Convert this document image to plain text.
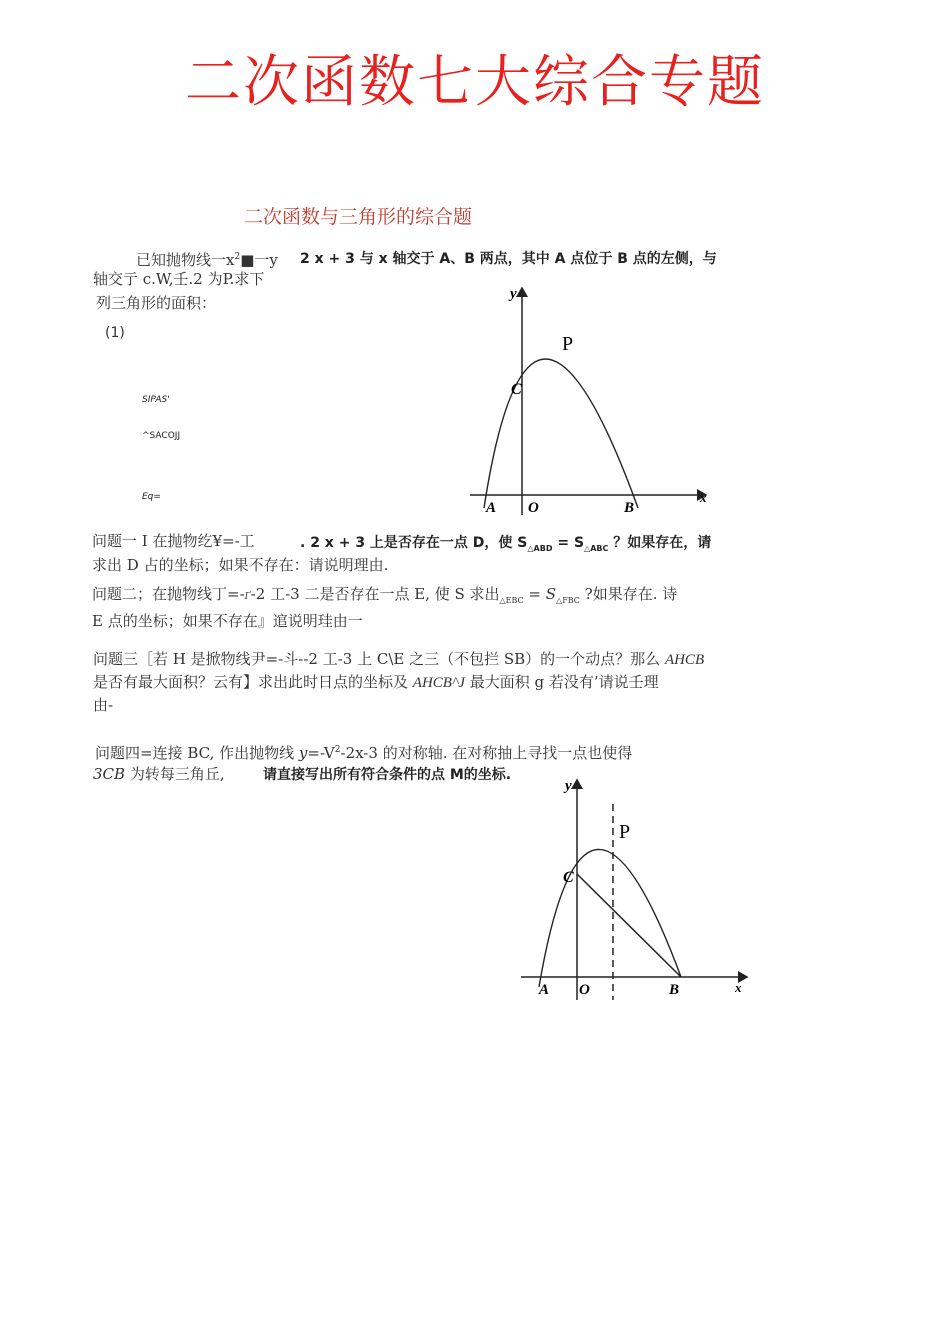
二次函数七大综合专题
二次函数与三角形的综合题
已知抛物线一$x^2■$一y 2 x + 3 与 x 轴交于 A、B 两点，其中 A 点位于 B 点的左侧，与
轴交亍 c.W,壬.2 为P.求下
列三角形的面积：
(1)
SIPAS'
^SACOJJ
Eq=
y
x
P
C
A O	B
问题一 I 在抛物纥¥=-工	. 2 x + 3 上是否存在一点 D，使 $S_{\triangle ABD} = S_{\triangle ABC}$ ？如果存在，请
求出 D 占的坐标；如果不存在：请说明理由.
问题二；在抛物线丁=-Ґ-2 工-3 二是否存在一点 E, 使 S 求出$_{\triangle EBC} = S_{\triangle FBC}$ ?如果存在. 诗
E 点的坐标；如果不存在』逭说明珪由一
问题三［若 H 是掀物线尹=-斗--2 工-3 上 C\E 之三（不包拦 SB）的一个动点？那么 AHCB
是否有最大面积？云有】求出此时日点的坐标及 AHCB^J 最大面积 g 若没有’请说壬理
由-
问题四=连接 BC, 作出抛物线 $y=-V^2-2x-3$ 的对称轴. 在对称抽上寻找一点也使得
3CB 为转每三角丘,	请直接写出所有符合条件的点 M的坐标.
y
x
P
C
A O	B
